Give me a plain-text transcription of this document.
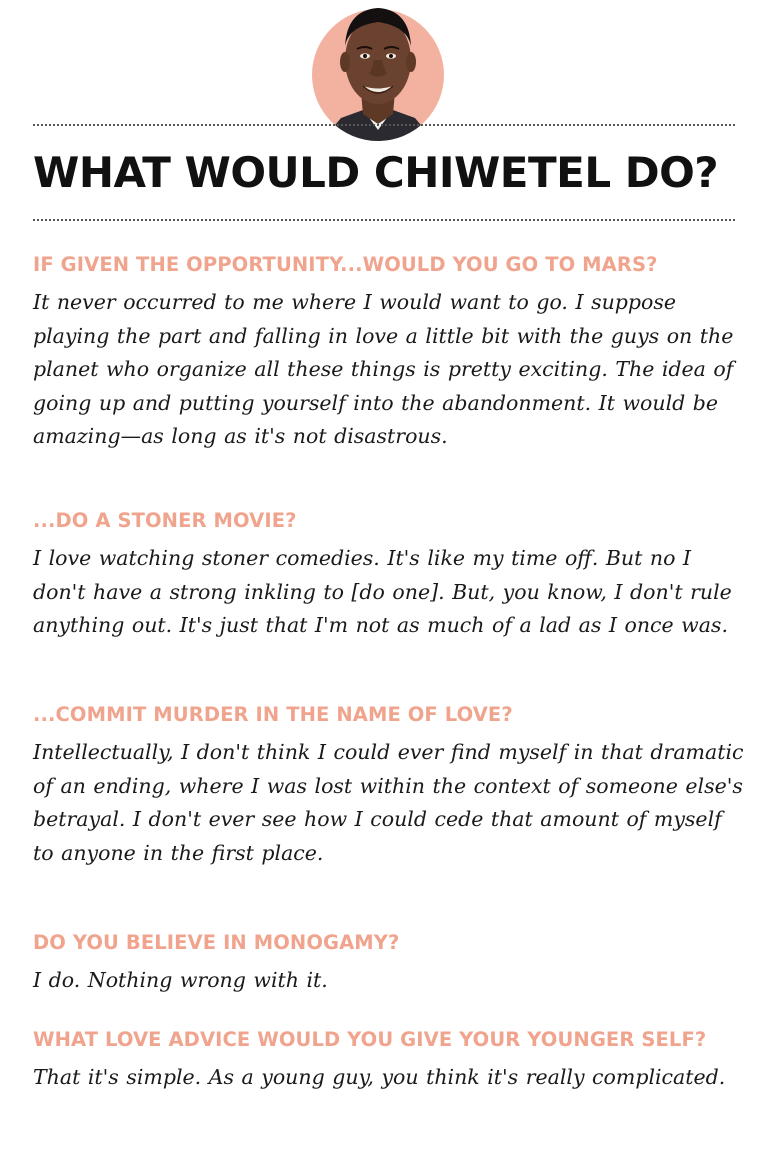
WHAT WOULD CHIWETEL DO?
IF GIVEN THE OPPORTUNITY...WOULD YOU GO TO MARS?
It never occurred to me where I would want to go. I suppose playing the part and falling in love a little bit with the guys on the planet who organize all these things is pretty exciting. The idea of going up and putting yourself into the abandonment. It would be amazing—as long as it's not disastrous.
...DO A STONER MOVIE?
I love watching stoner comedies. It's like my time off. But no I don't have a strong inkling to [do one]. But, you know, I don't rule anything out. It's just that I'm not as much of a lad as I once was.
...COMMIT MURDER IN THE NAME OF LOVE?
Intellectually, I don't think I could ever find myself in that dramatic of an ending, where I was lost within the context of someone else's betrayal. I don't ever see how I could cede that amount of myself to anyone in the first place.
DO YOU BELIEVE IN MONOGAMY?
I do. Nothing wrong with it.
WHAT LOVE ADVICE WOULD YOU GIVE YOUR YOUNGER SELF?
That it's simple. As a young guy, you think it's really complicated.
